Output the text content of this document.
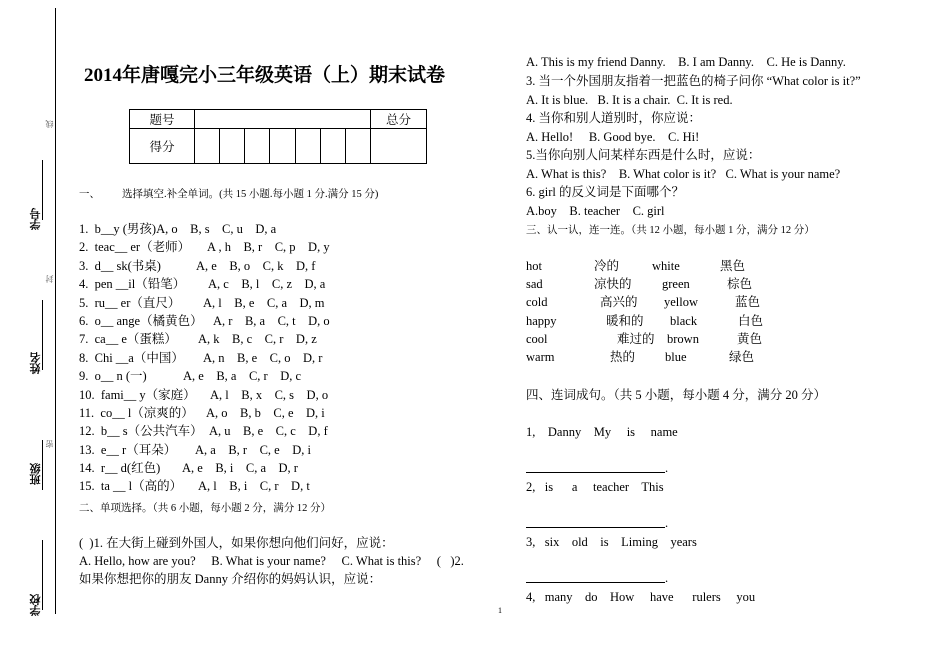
线
封
密
学号
姓名
班级
学校
2014年唐嘎完小三年级英语（上）期末试卷
题号								总分
得分								
一、 选择填空.补全单词。(共 15 小题.每小题 1 分.满分 15 分)
1.  b__y (男孩) A, o    B, s    C, u    D, a
2.  teac__ er（老师） A , h    B, r    C, p    D, y
3.  d__ sk(书桌)	A, e    B, o    C, k    D, f
4.  pen __il（铅笔） A, c    B, l    C, z    D, a
5.  ru__ er（直尺） A, l    B, e    C, a    D, m
6.  o__ ange（橘黄色） A, r    B, a    C, t    D, o
7.  ca__ e（蛋糕） A, k    B, c    C, r    D, z
8.  Chi __a（中国） A, n    B, e    C, o    D, r
9.  o__ n (一)	A, e    B, a    C, r    D, c
10.  fami__ y（家庭） A, l    B, x    C, s    D, o
11.  co__ l（凉爽的） A, o    B, b    C, e    D, i
12.  b__ s（公共汽车） A, u    B, e    C, c    D, f
13.  e__ r（耳朵） A, a    B, r    C, e    D, i
14.  r__ d(红色) A, e    B, i    C, a    D, r
15.  ta __ l（高的） A, l    B, i    C, r    D, t
二、单项选择。（共 6 小题，每小题 2 分，满分 12 分）
(  )1. 在大街上碰到外国人，如果你想向他们问好，应说：
A. Hello, how are you?     B. What is your name?     C. What is this?     (   )2.
如果你想把你的朋友 Danny 介绍你的妈妈认识，应说：
A. This is my friend Danny.    B. I am Danny.    C. He is Danny.
3. 当一个外国朋友指着一把蓝色的椅子问你 “What color is it?”
A. It is blue.   B. It is a chair.  C. It is red.
4. 当你和别人道别时，你应说：
A. Hello!     B. Good bye.    C. Hi!
5.当你向别人问某样东西是什么时，应说：
A. What is this?    B. What color is it?   C. What is your name?
6. girl 的反义词是下面哪个？
A.boy    B. teacher    C. girl
三、认一认，连一连。（共 12 小题，每小题 1 分，满分 12 分）
hot	冷的	white	黑色
sad	凉快的 green	棕色
cold	高兴的 yellow	蓝色
happy	暖和的 black	白色
cool	难过的 brown	黄色
warm	热的 blue	绿色
四、连词成句。（共 5 小题，每小题 4 分，满分 20 分）
1,    Danny    My     is     name
.
2,   is      a     teacher    This
.
3,   six    old    is    Liming    years
.
4,   many    do    How     have      rulers     you
1
